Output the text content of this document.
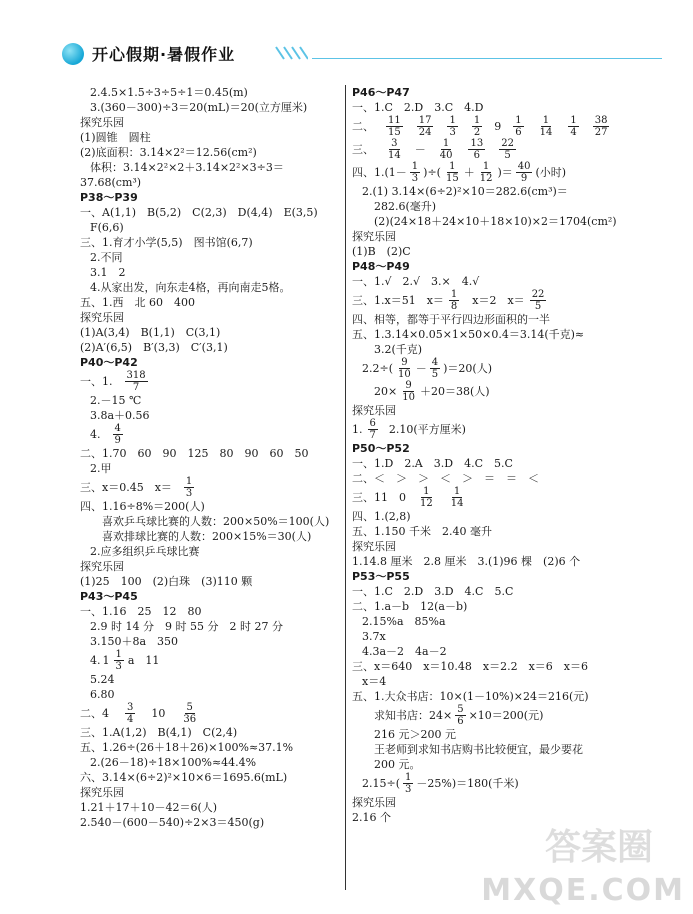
开心假期·暑假作业
2.4.5×1.5÷3÷5÷1＝0.45(m)
3.(360－300)÷3＝20(mL)＝20(立方厘米)
探究乐园
(1)圆锥　圆柱
(2)底面积：3.14×2²＝12.56(cm²)
体积：3.14×2²×2＋3.14×2²×3÷3＝
37.68(cm³)
P38～P39
一、A(1,1)　B(5,2)　C(2,3)　D(4,4)　E(3,5)
F(6,6)
三、1.育才小学(5,5)　图书馆(6,7)
2.不同
3.1　2
4.从家出发，向东走4格，再向南走5格。
五、1.西　北 60　400
探究乐园
(1)A(3,4)　B(1,1)　C(3,1)
(2)A′(6,5)　B′(3,3)　C′(3,1)
P40～P42
一、1. $\frac{318}{7}$
2.－15 ℃
3.8a＋0.56
4. $\frac{4}{9}$
二、1.70　60　90　125　80　90　60　50
2.甲
三、x＝0.45　$x= \frac{1}{3}$
四、1.16÷8%＝200(人)
喜欢乒乓球比赛的人数：200×50%＝100(人)
喜欢排球比赛的人数：200×15%＝30(人)
2.应多组织乒乓球比赛
探究乐园
(1)25　100　(2)白珠　(3)110 颗
P43～P45
一、1.16　25　12　80
2.9 时 14 分　9 时 55 分　2 时 27 分
3.150＋8a　350
4. $1 \frac{1}{3}$ a　11
5.24
6.80
二、$4 \frac{3}{4} 10 \frac{5}{36}$
三、1.A(1,2)　B(4,1)　C(2,4)
五、1.26÷(26＋18＋26)×100%≈37.1%
2.(26－18)÷18×100%≈44.4%
六、3.14×(6÷2)²×10×6＝1695.6(mL)
探究乐园
1.21＋17＋10－42＝6(人)
2.540－(600－540)÷2×3＝450(g)
P46～P47
一、1.C　2.D　3.C　4.D
二、 $\frac{11}{15} \frac{17}{24} \frac{1}{3} \frac{1}{2} 9 \frac{1}{6} \frac{1}{14} \frac{1}{4} \frac{38}{27}$
三、 $\frac{3}{14} - \frac{1}{40} \frac{13}{6} \frac{22}{5}$
四、$1.(1- \frac{1}{3}$ )÷( $\frac{1}{15} + \frac{1}{12}$ )＝ $\frac{40}{9}$ (小时)
2.(1) 3.14×(6÷2)²×10＝282.6(cm³)＝
282.6(毫升)
(2)(24×18＋24×10＋18×10)×2＝1704(cm²)
探究乐园
(1)B　(2)C
P48～P49
一、1.√　2.√　3.×　4.√
三、1.x＝51　$x= \frac{1}{8} x=2$　$x= \frac{22}{5}$
四、相等，都等于平行四边形面积的一半
五、1.3.14×0.05×1×50×0.4＝3.14(千克)≈
3.2(千克)
$2.2\div( \frac{9}{10} - \frac{4}{5} )=20$(人)
$20\times \frac{9}{10} +20=38$(人)
探究乐园
1. $\frac{6}{7} 2.10$(平方厘米)
P50～P52
一、1.D　2.A　3.D　4.C　5.C
二、＜　＞　＞　＜　＞　＝　＝　＜
三、11　$0 \frac{1}{12} \frac{1}{14}$
四、1.(2,8)
五、1.150 千米　2.40 毫升
探究乐园
1.14.8 厘米　2.8 厘米　3.(1)96 棵　(2)6 个
P53～P55
一、1.C　2.D　3.D　4.C　5.C
二、1.a－b　12(a－b)
2.15%a　85%a
3.7x
4.3a－2　4a－2
三、x＝640　x＝10.48　x＝2.2　x＝6　x＝6
x＝4
五、1.大众书店：10×(1－10%)×24＝216(元)
求知书店：$24\times \frac{5}{6} \times 10=200$(元)
216 元＞200 元
王老师到求知书店购书比较便宜，最少要花
200 元。
$2.15\div( \frac{1}{3} -25\%)=180$(千米)
探究乐园
2.16 个
答案圈
MXQE.COM
